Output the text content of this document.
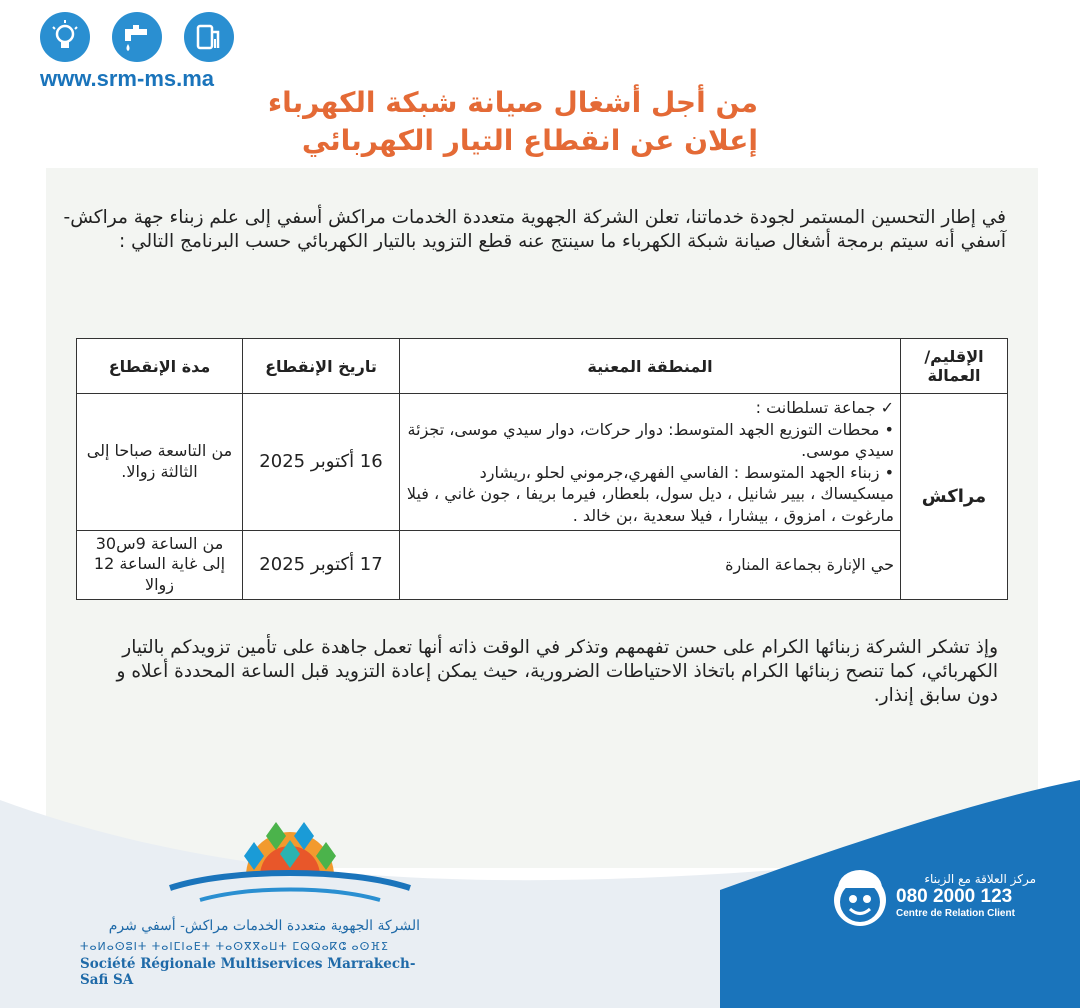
www.srm-ms.ma
من أجل أشغال صيانة شبكة الكهرباء
إعلان عن انقطاع التيار الكهربائي
في إطار التحسين المستمر لجودة خدماتنا، تعلن الشركة الجهوية متعددة الخدمات مراكش أسفي إلى علم زبناء جهة مراكش- آسفي أنه سيتم برمجة أشغال صيانة شبكة الكهرباء ما سينتج عنه قطع التزويد بالتيار الكهربائي حسب البرنامج التالي :
الإقليم/العمالة	المنطقة المعنية	تاريخ الإنقطاع	مدة الإنقطاع
مراكش	✓ جماعة تسلطانت :
• محطات التوزيع الجهد المتوسط: دوار حركات، دوار سيدي موسى، تجزئة سيدي موسى.
• زبناء الجهد المتوسط : الفاسي الفهري،جرموني لحلو ،ريشارد ميسكيساك ، بيير شانيل ، ديل سول، بلعطار، فيرما بريفا ، جون غاني ، فيلا مارغوت ، امزوق ، بيشارا ، فيلا سعدية ،بن خالد .	16 أكتوبر 2025	من التاسعة صباحا إلى الثالثة زوالا.

	حي الإنارة بجماعة المنارة	17 أكتوبر 2025	من الساعة 9س30 إلى غاية الساعة 12 زوالا
وإذ تشكر الشركة زبنائها الكرام على حسن تفهمهم وتذكر في الوقت ذاته أنها تعمل جاهدة على تأمين تزويدكم بالتيار الكهربائي، كما تنصح زبنائها الكرام باتخاذ الاحتياطات الضرورية، حيث يمكن إعادة التزويد قبل الساعة المحددة أعلاه و دون سابق إنذار.
الشركة الجهوية متعددة الخدمات مراكش- أسفي شرم
ⵜⴰⵍⴰⵙⵓⵏⵜ ⵜⴰⵏⵎⵏⴰⴹⵜ ⵜⴰⵙⴳⴳⴰⵡⵜ ⵎⵕⵕⴰⴽⵛ ⴰⵙⴼⵉ
Société Régionale Multiservices Marrakech-Safi SA
مركز العلاقة مع الزبناء
080 2000 123
Centre de Relation Client
